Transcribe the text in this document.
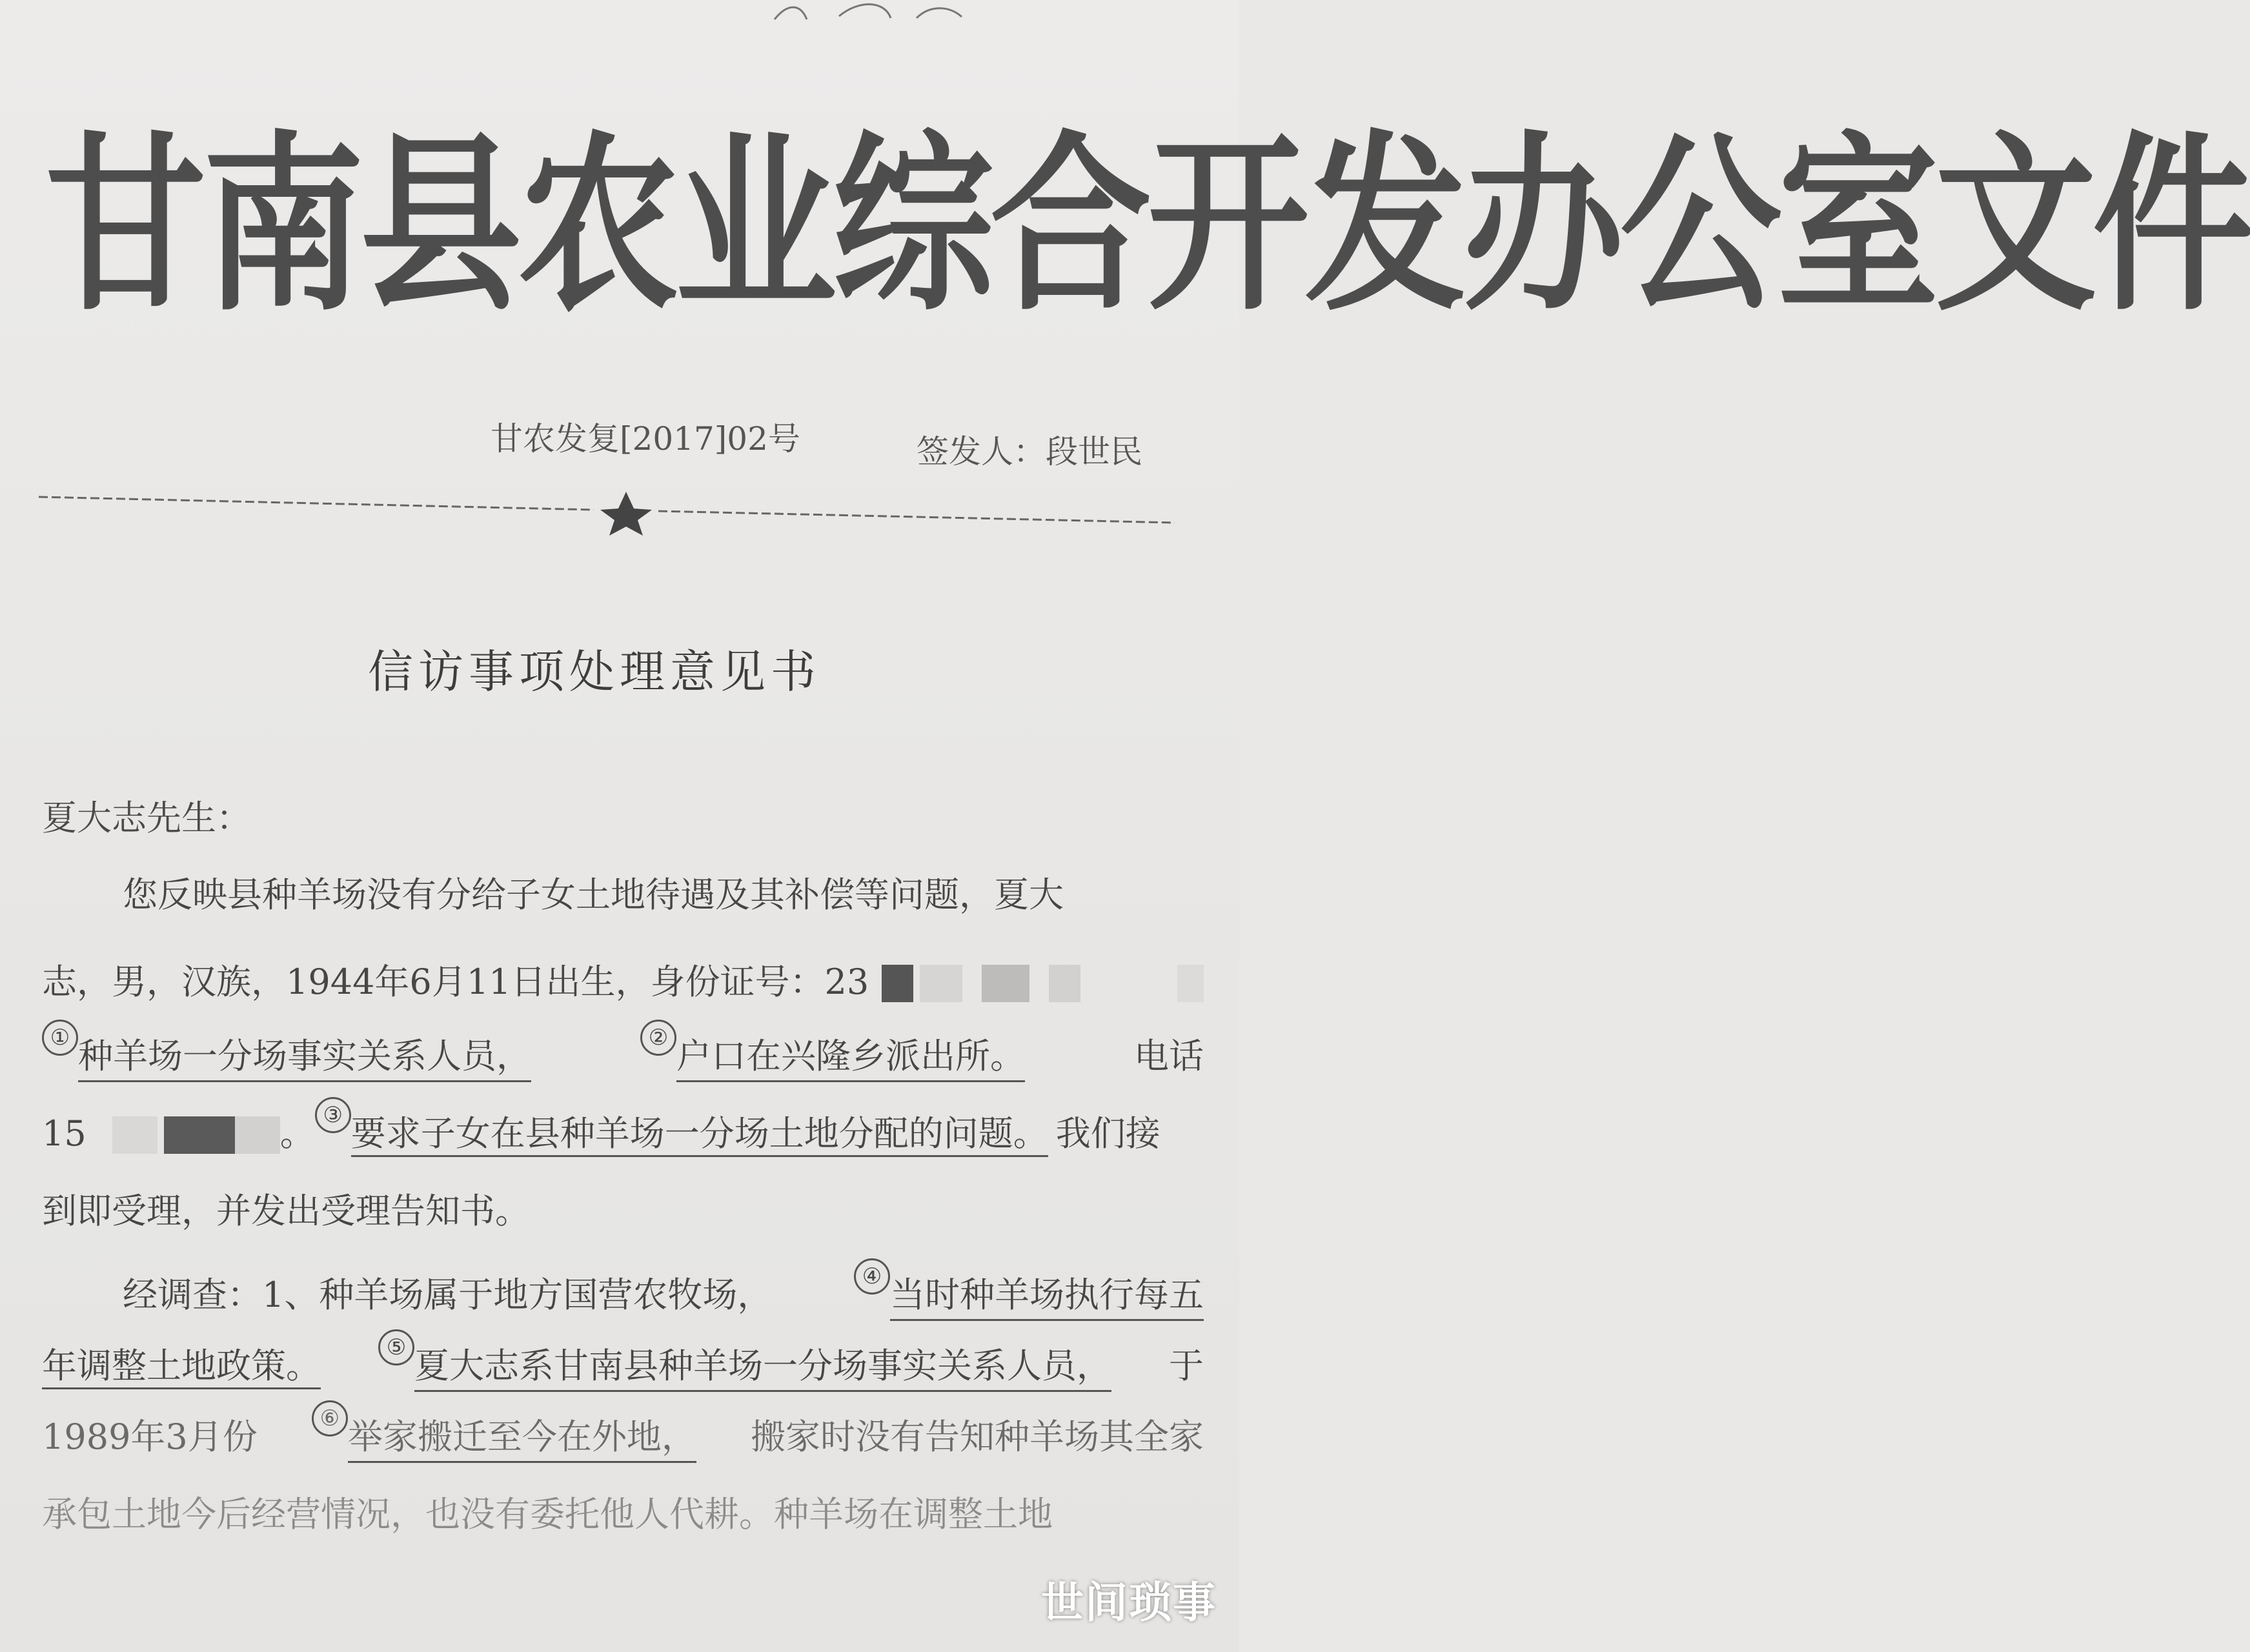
甘 南 县 农 业 综 合 开 发 办 公 室 文 件
甘农发复[2017]02号	签发人：段世民
信访事项处理意见书
夏大志先生：
您反映县种羊场没有分给子女土地待遇及其补偿等问题，夏大
志，男，汉族，1944年6月11日出生，身份证号：23
① 种羊场一分场事实关系人员，	② 户口在兴隆乡派出所。	电话
15	。 ③ 要求子女在县种羊场一分场土地分配的问题。 我们接
到即受理，并发出受理告知书。
经调查：1、种羊场属于地方国营农牧场，	④ 当时种羊场执行每五
年调整土地政策。	⑤ 夏大志系甘南县种羊场一分场事实关系人员， 于
1989年3月份	⑥ 举家搬迁至今在外地， 搬家时没有告知种羊场其全家
承包土地今后经营情况，也没有委托他人代耕。种羊场在调整土地
世间琐事
